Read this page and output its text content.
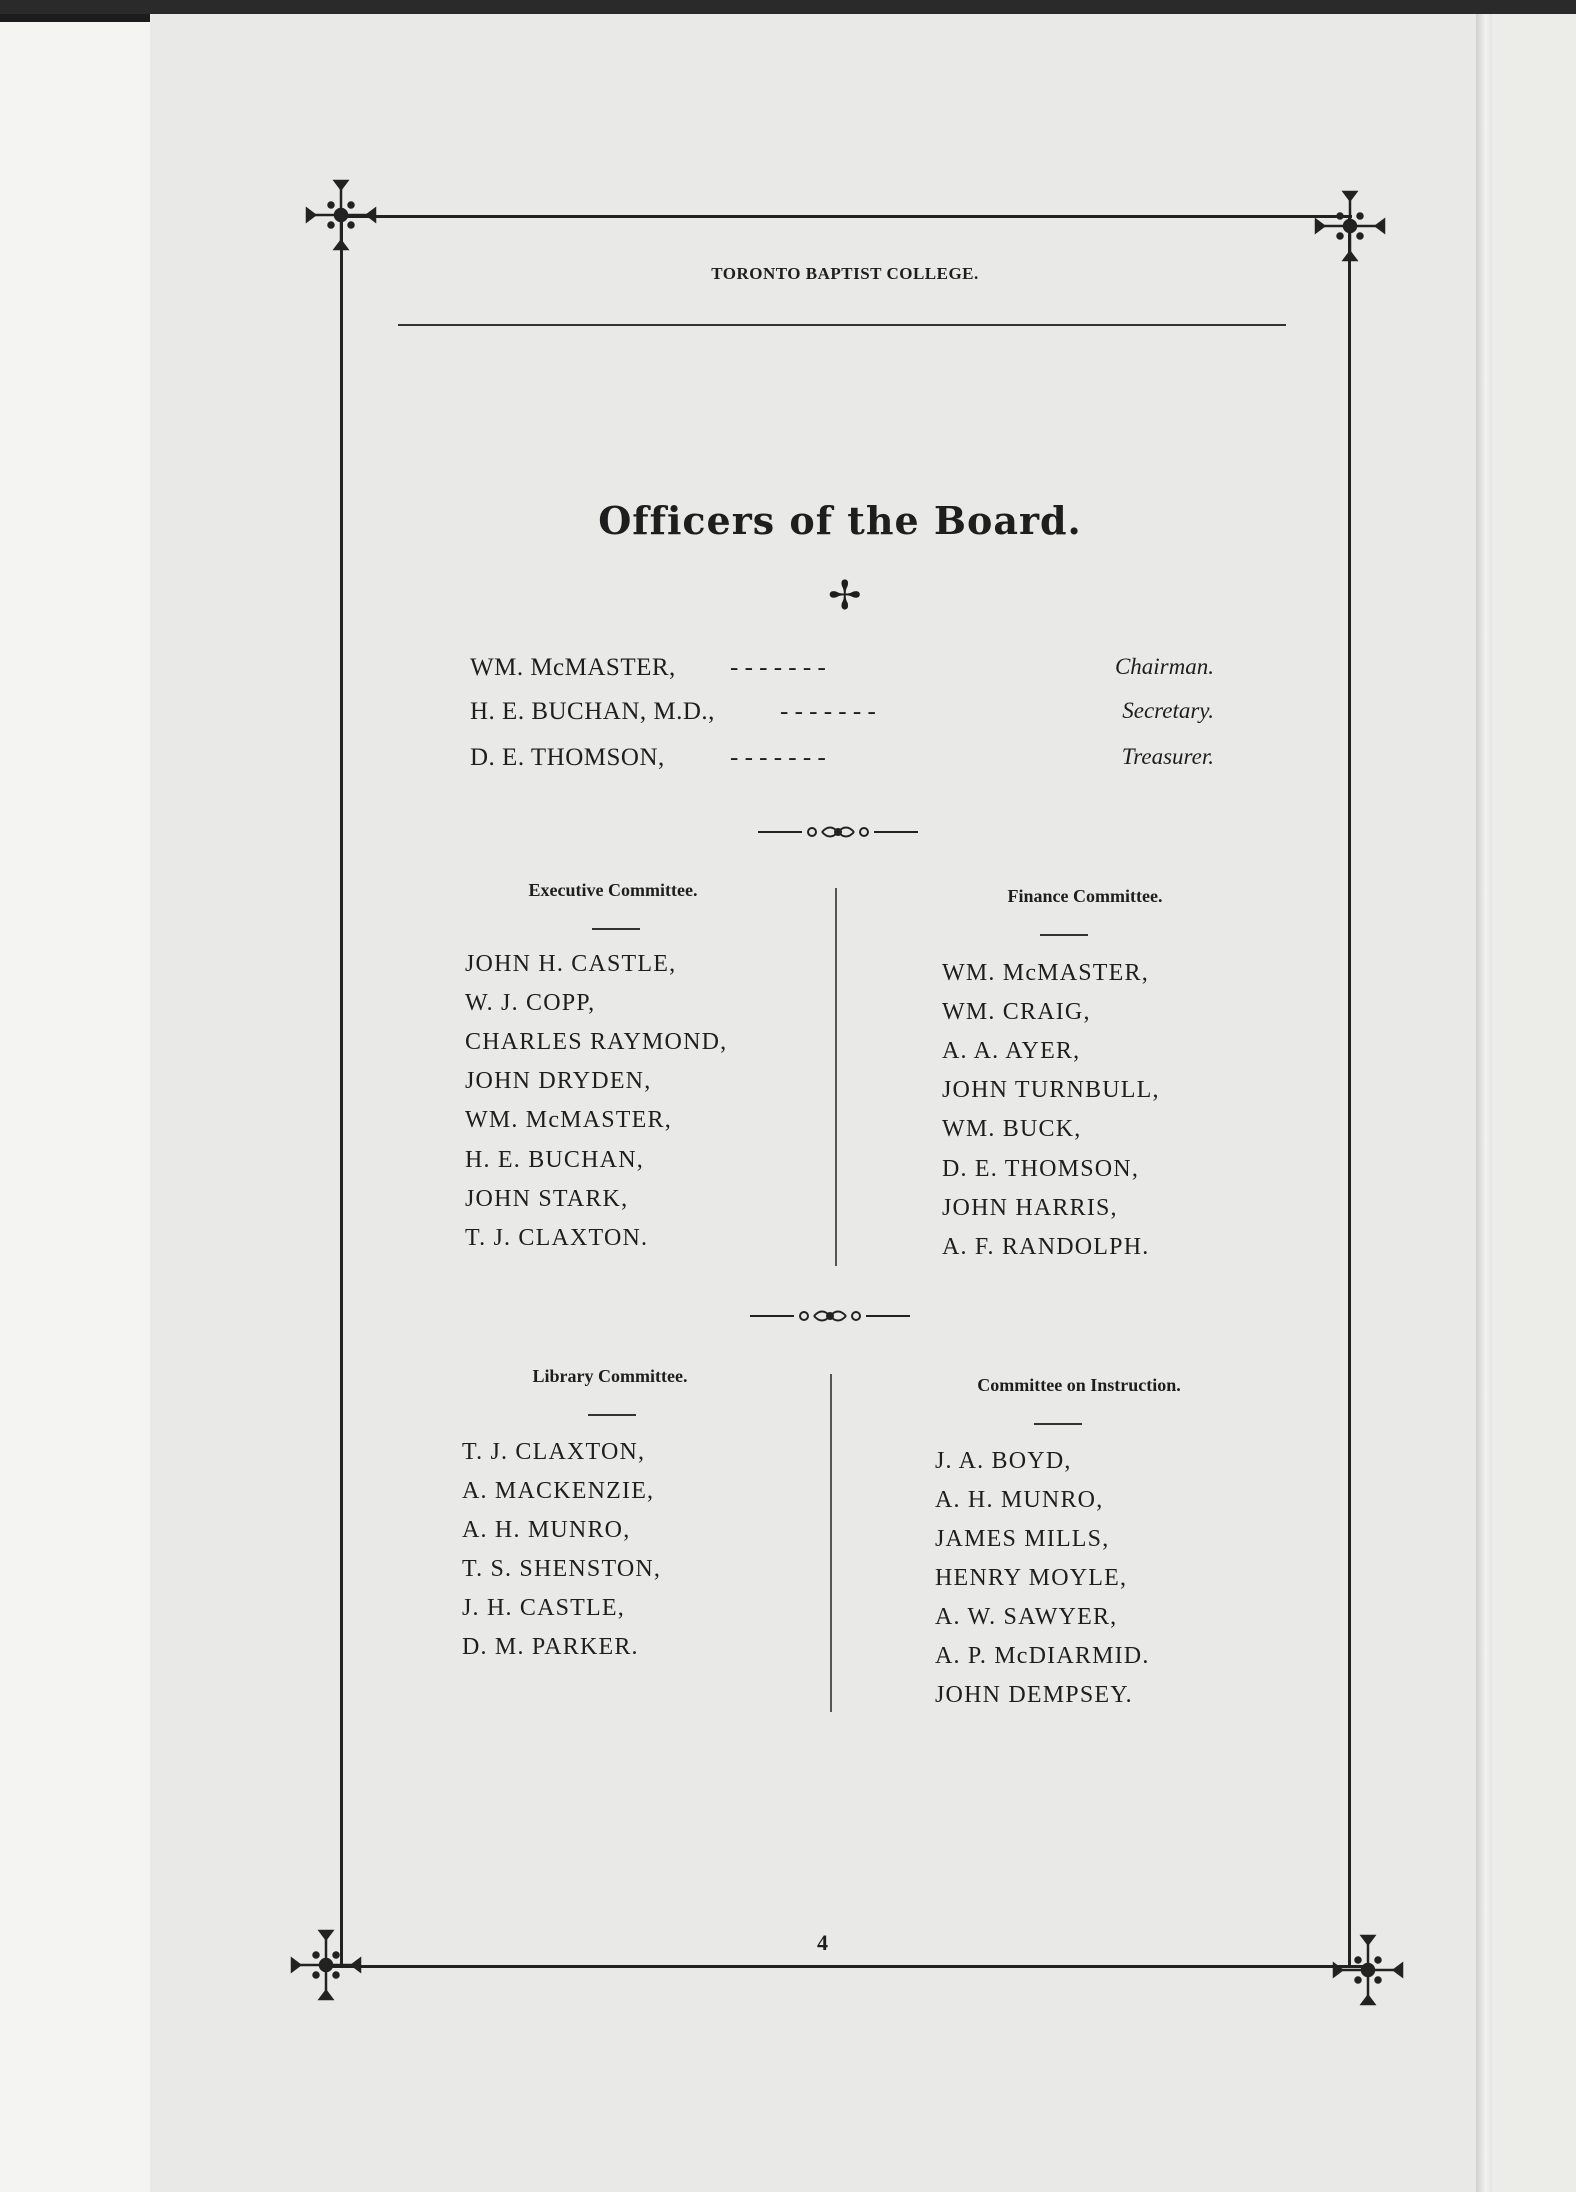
TORONTO BAPTIST COLLEGE.
Officers of the Board.
✢
WM. McMASTER, - - - - - - -	Chairman.
H. E. BUCHAN, M.D.,	- - - - - - -	Secretary.
D. E. THOMSON,	- - - - - - -	Treasurer.
Executive Committee.
JOHN H. CASTLE,
W. J. COPP,
CHARLES RAYMOND,
JOHN DRYDEN,
WM. McMASTER,
H. E. BUCHAN,
JOHN STARK,
T. J. CLAXTON.
Finance Committee.
WM. McMASTER,
WM. CRAIG,
A. A. AYER,
JOHN TURNBULL,
WM. BUCK,
D. E. THOMSON,
JOHN HARRIS,
A. F. RANDOLPH.
Library Committee.
T. J. CLAXTON,
A. MACKENZIE,
A. H. MUNRO,
T. S. SHENSTON,
J. H. CASTLE,
D. M. PARKER.
Committee on Instruction.
J. A. BOYD,
A. H. MUNRO,
JAMES MILLS,
HENRY MOYLE,
A. W. SAWYER,
A. P. McDIARMID.
JOHN DEMPSEY.
4
